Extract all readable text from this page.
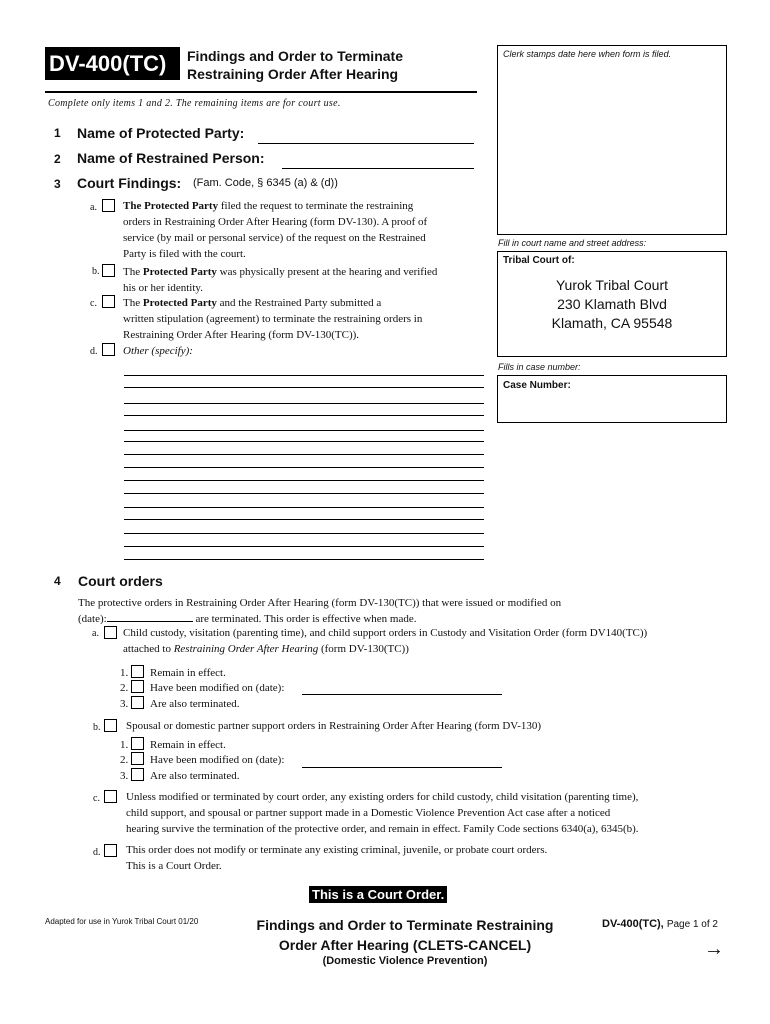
DV-400(TC)	Findings and Order to Terminate
Restraining Order After Hearing
Complete only items 1 and 2. The remaining items are for court use.
Clerk stamps date here when form is filed.
Fill in court name and street address:
Tribal Court of:
Yurok Tribal Court
230 Klamath Blvd
Klamath, CA 95548
Fills in case number:
Case Number:
1 Name of Protected Party:
2 Name of Restrained Person:
3 Court Findings: (Fam. Code, § 6345 (a) & (d))
a. The Protected Party filed the request to terminate the restraining
orders in Restraining Order After Hearing (form DV-130). A proof of
service (by mail or personal service) of the request on the Restrained
Party is filed with the court.
b. The Protected Party was physically present at the hearing and verified
his or her identity.
c. The Protected Party and the Restrained Party submitted a
written stipulation (agreement) to terminate the restraining orders in
Restraining Order After Hearing (form DV-130(TC)).
d. Other (specify):
4 Court orders
The protective orders in Restraining Order After Hearing (form DV-130(TC)) that were issued or modified on
(date):	are terminated. This order is effective when made.
a. Child custody, visitation (parenting time), and child support orders in Custody and Visitation Order (form DV140(TC))
attached to Restraining Order After Hearing (form DV-130(TC))
1. Remain in effect.
2. Have been modified on (date):
3. Are also terminated.
b. Spousal or domestic partner support orders in Restraining Order After Hearing (form DV-130)
1. Remain in effect.
2. Have been modified on (date):
3. Are also terminated.
c. Unless modified or terminated by court order, any existing orders for child custody, child visitation (parenting time),
child support, and spousal or partner support made in a Domestic Violence Prevention Act case after a noticed
hearing survive the termination of the protective order, and remain in effect. Family Code sections 6340(a), 6345(b).
d. This order does not modify or terminate any existing criminal, juvenile, or probate court orders.
This is a Court Order.
This is a Court Order.
Adapted for use in Yurok Tribal Court 01/20	Findings and Order to Terminate Restraining
Order After Hearing (CLETS-CANCEL)
(Domestic Violence Prevention)
DV-400(TC), Page 1 of 2
→
